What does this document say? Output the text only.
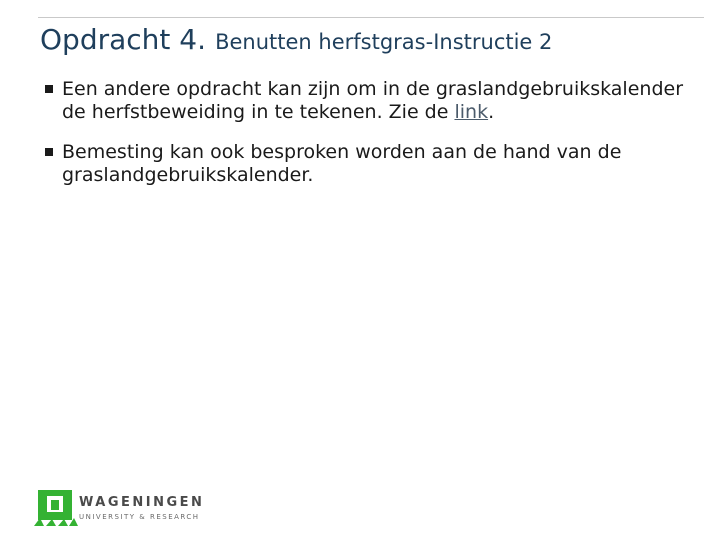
Opdracht 4. Benutten herfstgras-Instructie 2
Een andere opdracht kan zijn om in de graslandgebruikskalender de herfstbeweiding in te tekenen. Zie de link.
Bemesting kan ook besproken worden aan de hand van de graslandgebruikskalender.
WAGENINGEN
UNIVERSITY & RESEARCH
